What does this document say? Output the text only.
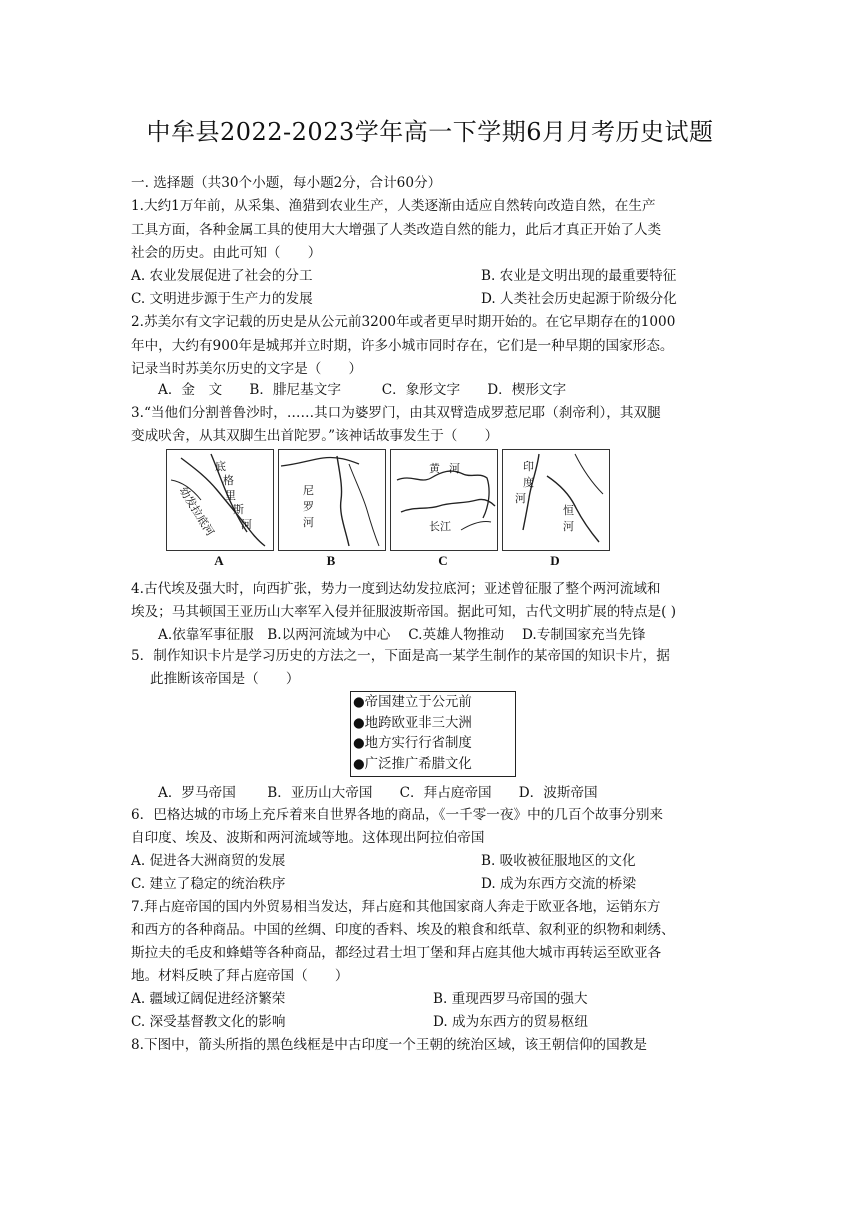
中牟县2022-2023学年高一下学期6月月考历史试题
一. 选择题（共30个小题，每小题2分，合计60分）
1.大约1万年前，从采集、渔猎到农业生产，人类逐渐由适应自然转向改造自然，在生产
工具方面，各种金属工具的使用大大增强了人类改造自然的能力，此后才真正开始了人类
社会的历史。由此可知（　　）
A. 农业发展促进了社会的分工	B. 农业是文明出现的最重要特征
C. 文明进步源于生产力的发展	D. 人类社会历史起源于阶级分化
2.苏美尔有文字记载的历史是从公元前3200年或者更早时期开始的。在它早期存在的1000
年中，大约有900年是城邦并立时期，许多小城市同时存在，它们是一种早期的国家形态。
记录当时苏美尔历史的文字是（　　）
A．金　文　　B．腓尼基文字　　　C．象形文字　　D．楔形文字
3.“当他们分割普鲁沙时，……其口为婆罗门，由其双臂造成罗惹尼耶（刹帝利），其双腿
变成吠舍，从其双脚生出首陀罗。”该神话故事发生于（　　）
底
格
里
斯
河
幼发拉底河
A
尼
罗
河
B
黄 河
长江
C
印
度
河
恒
河
D
4.古代埃及强大时，向西扩张，势力一度到达幼发拉底河；亚述曾征服了整个两河流域和
埃及；马其顿国王亚历山大率军入侵并征服波斯帝国。据此可知，古代文明扩展的特点是( )
A.依靠军事征服　B.以两河流域为中心　 C.英雄人物推动　 D.专制国家充当先锋
5．制作知识卡片是学习历史的方法之一，下面是高一某学生制作的某帝国的知识卡片，据
此推断该帝国是（　　）
●帝国建立于公元前
●地跨欧亚非三大洲
●地方实行行省制度
●广泛推广希腊文化
A．罗马帝国　　 B．亚历山大帝国　　C．拜占庭帝国　　D．波斯帝国
6．巴格达城的市场上充斥着来自世界各地的商品，《一千零一夜》中的几百个故事分别来
自印度、埃及、波斯和两河流域等地。这体现出阿拉伯帝国
A. 促进各大洲商贸的发展	B. 吸收被征服地区的文化
C. 建立了稳定的统治秩序	D. 成为东西方交流的桥梁
7.拜占庭帝国的国内外贸易相当发达，拜占庭和其他国家商人奔走于欧亚各地，运销东方
和西方的各种商品。中国的丝绸、印度的香料、埃及的粮食和纸草、叙利亚的织物和刺绣、
斯拉夫的毛皮和蜂蜡等各种商品，都经过君士坦丁堡和拜占庭其他大城市再转运至欧亚各
地。材料反映了拜占庭帝国（　　）
A. 疆域辽阔促进经济繁荣	B. 重现西罗马帝国的强大
C. 深受基督教文化的影响	D. 成为东西方的贸易枢纽
8.下图中，箭头所指的黑色线框是中古印度一个王朝的统治区域，该王朝信仰的国教是
